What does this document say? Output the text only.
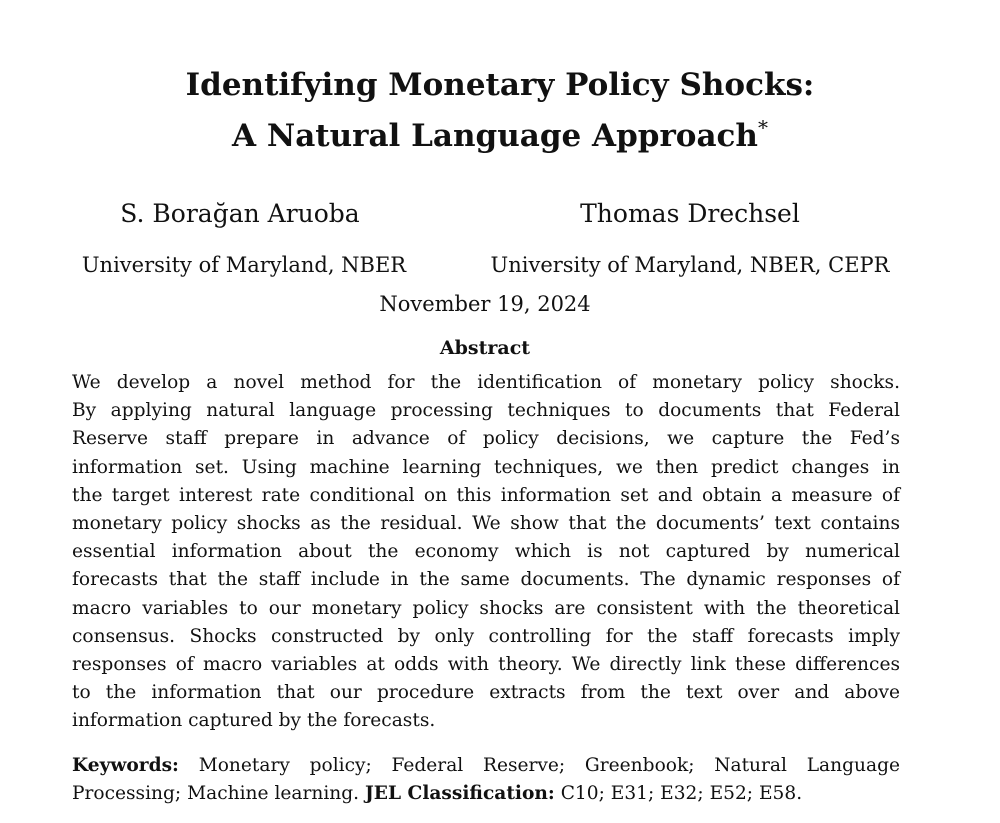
Identifying Monetary Policy Shocks:
A Natural Language Approach*
S. Borağan Aruoba	Thomas Drechsel
University of Maryland, NBER	University of Maryland, NBER, CEPR
November 19, 2024
Abstract
We develop a novel method for the identification of monetary policy shocks.
By applying natural language processing techniques to documents that Federal
Reserve staff prepare in advance of policy decisions, we capture the Fed’s
information set. Using machine learning techniques, we then predict changes in
the target interest rate conditional on this information set and obtain a measure of
monetary policy shocks as the residual. We show that the documents’ text contains
essential information about the economy which is not captured by numerical
forecasts that the staff include in the same documents. The dynamic responses of
macro variables to our monetary policy shocks are consistent with the theoretical
consensus. Shocks constructed by only controlling for the staff forecasts imply
responses of macro variables at odds with theory. We directly link these differences
to the information that our procedure extracts from the text over and above
information captured by the forecasts.
Keywords: Monetary policy; Federal Reserve; Greenbook; Natural Language
Processing; Machine learning. JEL Classification: C10; E31; E32; E52; E58.
